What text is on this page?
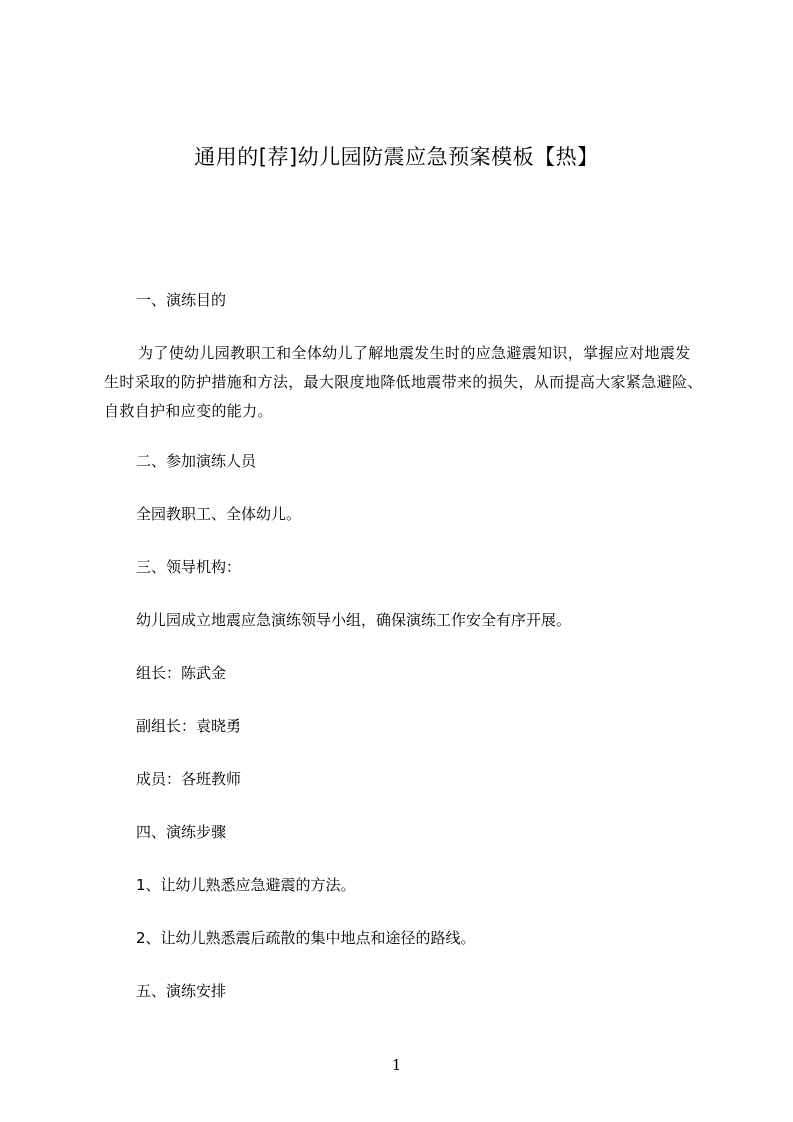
通用的[荐]幼儿园防震应急预案模板【热】
一、演练目的
为了使幼儿园教职工和全体幼儿了解地震发生时的应急避震知识，掌握应对地震发生时采取的防护措施和方法，最大限度地降低地震带来的损失，从而提高大家紧急避险、自救自护和应变的能力。
二、参加演练人员
全园教职工、全体幼儿。
三、领导机构：
幼儿园成立地震应急演练领导小组，确保演练工作安全有序开展。
组长：陈武金
副组长：袁晓勇
成员：各班教师
四、演练步骤
1、让幼儿熟悉应急避震的方法。
2、让幼儿熟悉震后疏散的集中地点和途径的路线。
五、演练安排
1
